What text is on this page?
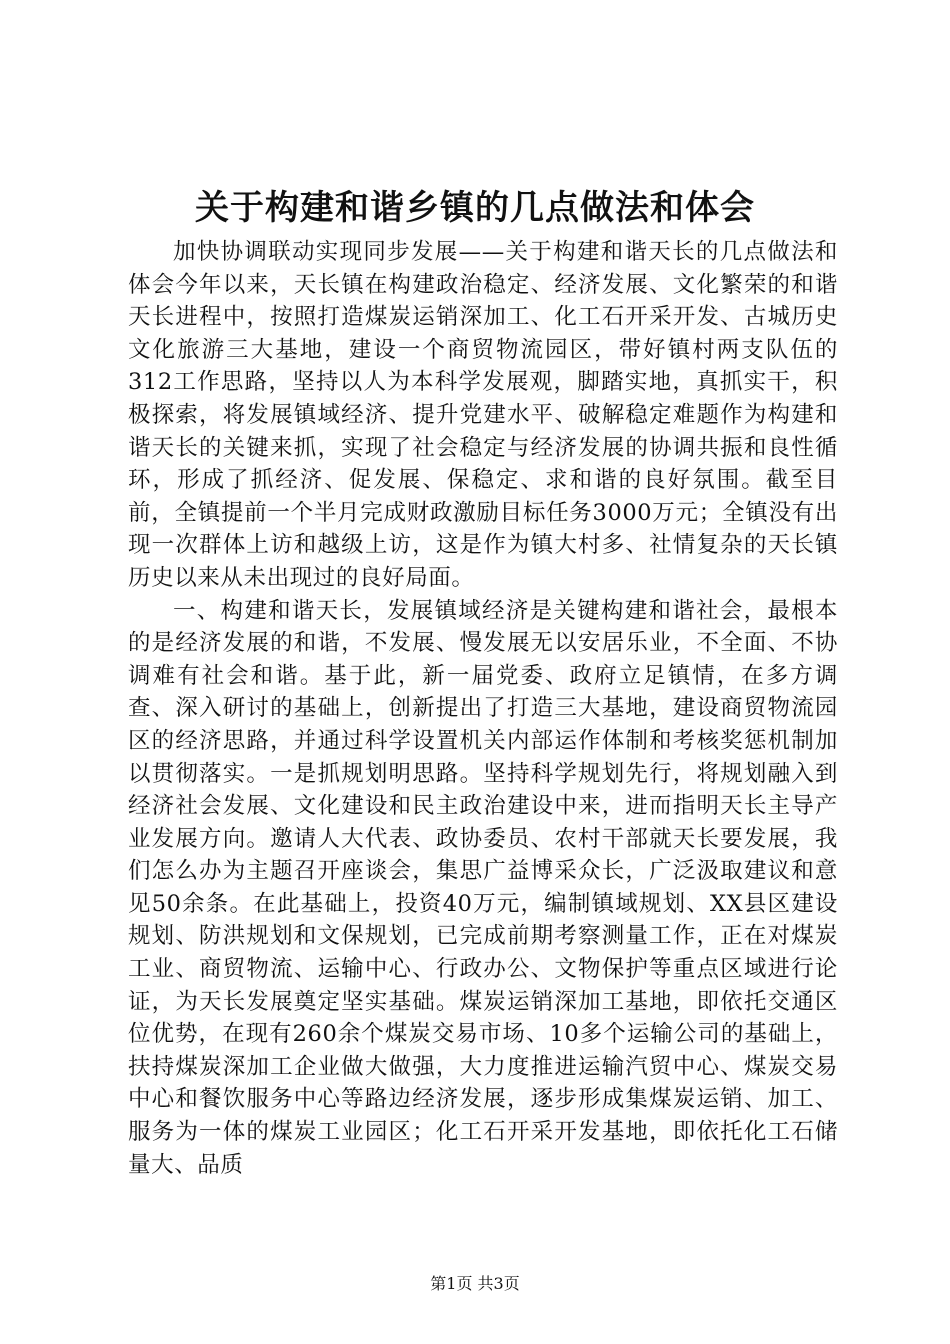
关于构建和谐乡镇的几点做法和体会

加快协调联动实现同步发展——关于构建和谐天长的几点做法和体会今年以来，天长镇在构建政治稳定、经济发展、文化繁荣的和谐天长进程中，按照打造煤炭运销深加工、化工石开采开发、古城历史文化旅游三大基地，建设一个商贸物流园区，带好镇村两支队伍的312工作思路，坚持以人为本科学发展观，脚踏实地，真抓实干，积极探索，将发展镇域经济、提升党建水平、破解稳定难题作为构建和谐天长的关键来抓，实现了社会稳定与经济发展的协调共振和良性循环，形成了抓经济、促发展、保稳定、求和谐的良好氛围。截至目前，全镇提前一个半月完成财政激励目标任务3000万元；全镇没有出现一次群体上访和越级上访，这是作为镇大村多、社情复杂的天长镇历史以来从未出现过的良好局面。

一、构建和谐天长，发展镇域经济是关键构建和谐社会，最根本的是经济发展的和谐，不发展、慢发展无以安居乐业，不全面、不协调难有社会和谐。基于此，新一届党委、政府立足镇情，在多方调查、深入研讨的基础上，创新提出了打造三大基地，建设商贸物流园区的经济思路，并通过科学设置机关内部运作体制和考核奖惩机制加以贯彻落实。一是抓规划明思路。坚持科学规划先行，将规划融入到经济社会发展、文化建设和民主政治建设中来，进而指明天长主导产业发展方向。邀请人大代表、政协委员、农村干部就天长要发展，我们怎么办为主题召开座谈会，集思广益博采众长，广泛汲取建议和意见50余条。在此基础上，投资40万元，编制镇域规划、XX县区建设规划、防洪规划和文保规划，已完成前期考察测量工作，正在对煤炭工业、商贸物流、运输中心、行政办公、文物保护等重点区域进行论证，为天长发展奠定坚实基础。煤炭运销深加工基地，即依托交通区位优势，在现有260余个煤炭交易市场、10多个运输公司的基础上，扶持煤炭深加工企业做大做强，大力度推进运输汽贸中心、煤炭交易中心和餐饮服务中心等路边经济发展，逐步形成集煤炭运销、加工、服务为一体的煤炭工业园区；化工石开采开发基地，即依托化工石储量大、品质

第1页 共3页
